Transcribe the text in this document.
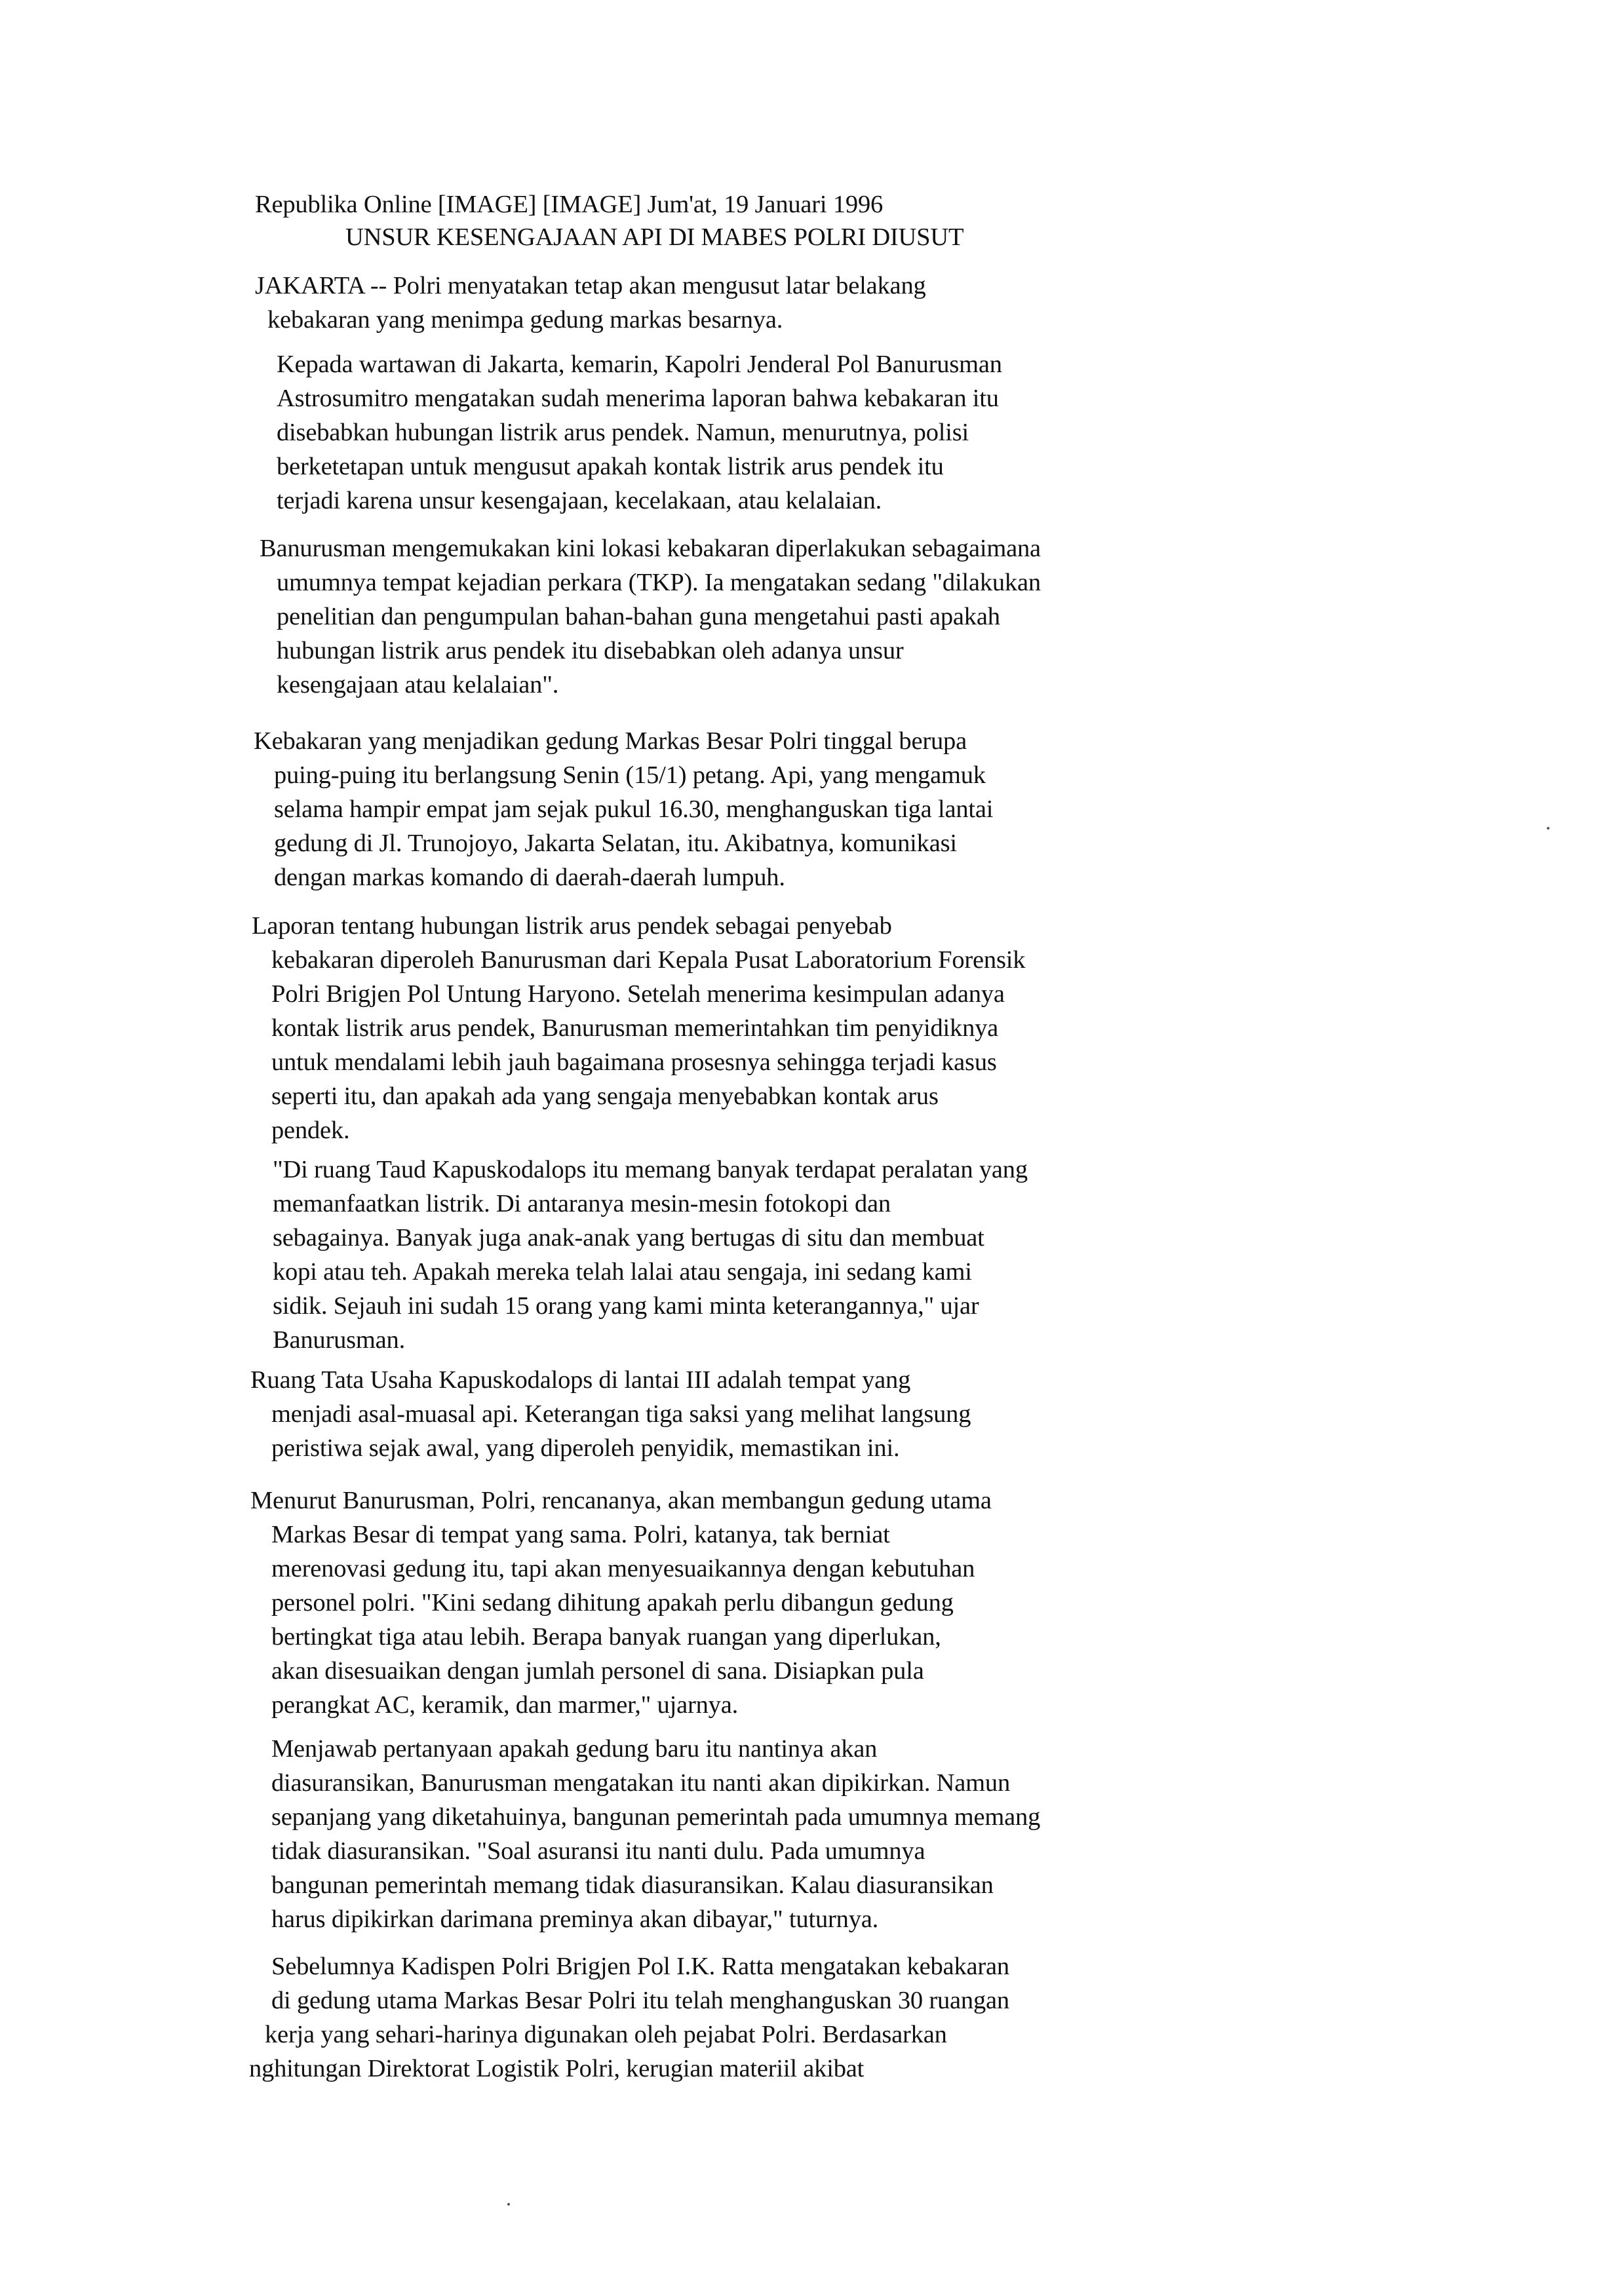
Republika Online [IMAGE] [IMAGE] Jum'at, 19 Januari 1996
UNSUR KESENGAJAAN API DI MABES POLRI DIUSUT
JAKARTA -- Polri menyatakan tetap akan mengusut latar belakang
kebakaran yang menimpa gedung markas besarnya.
Kepada wartawan di Jakarta, kemarin, Kapolri Jenderal Pol Banurusman
Astrosumitro mengatakan sudah menerima laporan bahwa kebakaran itu
disebabkan hubungan listrik arus pendek. Namun, menurutnya, polisi
berketetapan untuk mengusut apakah kontak listrik arus pendek itu
terjadi karena unsur kesengajaan, kecelakaan, atau kelalaian.
Banurusman mengemukakan kini lokasi kebakaran diperlakukan sebagaimana
umumnya tempat kejadian perkara (TKP). Ia mengatakan sedang "dilakukan
penelitian dan pengumpulan bahan-bahan guna mengetahui pasti apakah
hubungan listrik arus pendek itu disebabkan oleh adanya unsur
kesengajaan atau kelalaian".
Kebakaran yang menjadikan gedung Markas Besar Polri tinggal berupa
puing-puing itu berlangsung Senin (15/1) petang. Api, yang mengamuk
selama hampir empat jam sejak pukul 16.30, menghanguskan tiga lantai
gedung di Jl. Trunojoyo, Jakarta Selatan, itu. Akibatnya, komunikasi
dengan markas komando di daerah-daerah lumpuh.
Laporan tentang hubungan listrik arus pendek sebagai penyebab
kebakaran diperoleh Banurusman dari Kepala Pusat Laboratorium Forensik
Polri Brigjen Pol Untung Haryono. Setelah menerima kesimpulan adanya
kontak listrik arus pendek, Banurusman memerintahkan tim penyidiknya
untuk mendalami lebih jauh bagaimana prosesnya sehingga terjadi kasus
seperti itu, dan apakah ada yang sengaja menyebabkan kontak arus
pendek.
"Di ruang Taud Kapuskodalops itu memang banyak terdapat peralatan yang
memanfaatkan listrik. Di antaranya mesin-mesin fotokopi dan
sebagainya. Banyak juga anak-anak yang bertugas di situ dan membuat
kopi atau teh. Apakah mereka telah lalai atau sengaja, ini sedang kami
sidik. Sejauh ini sudah 15 orang yang kami minta keterangannya," ujar
Banurusman.
Ruang Tata Usaha Kapuskodalops di lantai III adalah tempat yang
menjadi asal-muasal api. Keterangan tiga saksi yang melihat langsung
peristiwa sejak awal, yang diperoleh penyidik, memastikan ini.
Menurut Banurusman, Polri, rencananya, akan membangun gedung utama
Markas Besar di tempat yang sama. Polri, katanya, tak berniat
merenovasi gedung itu, tapi akan menyesuaikannya dengan kebutuhan
personel polri. "Kini sedang dihitung apakah perlu dibangun gedung
bertingkat tiga atau lebih. Berapa banyak ruangan yang diperlukan,
akan disesuaikan dengan jumlah personel di sana. Disiapkan pula
perangkat AC, keramik, dan marmer," ujarnya.
Menjawab pertanyaan apakah gedung baru itu nantinya akan
diasuransikan, Banurusman mengatakan itu nanti akan dipikirkan. Namun
sepanjang yang diketahuinya, bangunan pemerintah pada umumnya memang
tidak diasuransikan. "Soal asuransi itu nanti dulu. Pada umumnya
bangunan pemerintah memang tidak diasuransikan. Kalau diasuransikan
harus dipikirkan darimana preminya akan dibayar," tuturnya.
Sebelumnya Kadispen Polri Brigjen Pol I.K. Ratta mengatakan kebakaran
di gedung utama Markas Besar Polri itu telah menghanguskan 30 ruangan
kerja yang sehari-harinya digunakan oleh pejabat Polri. Berdasarkan
nghitungan Direktorat Logistik Polri, kerugian materiil akibat
